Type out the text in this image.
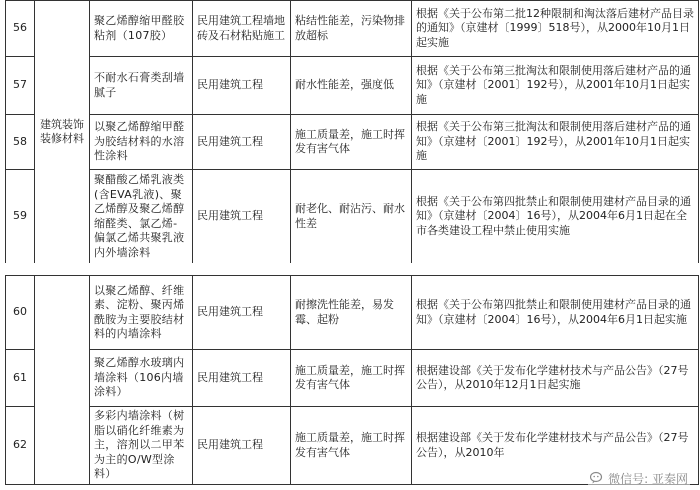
56	建筑装饰装修材料	聚乙烯醇缩甲醛胶粘剂（107胶）	民用建筑工程墙地砖及石材粘贴施工	粘结性能差，污染物排放超标	根据《关于公布第二批12种限制和淘汰落后建材产品目录的通知》（京建材〔1999〕518号），从2000年10月1日起实施
57		不耐水石膏类刮墙腻子	民用建筑工程	耐水性能差，强度低	根据《关于公布第三批淘汰和限制使用落后建材产品的通知》（京建材〔2001〕192号），从2001年10月1日起实施
58		以聚乙烯醇缩甲醛为胶结材料的水溶性涂料	民用建筑工程	施工质量差，施工时挥发有害气体	根据《关于公布第三批淘汰和限制使用落后建材产品的通知》（京建材〔2001〕192号），从2001年10月1日起实施
59		聚醋酸乙烯乳液类(含EVA乳液)、聚乙烯醇及聚乙烯醇缩醛类、氯乙烯-偏氯乙烯共聚乳液内外墙涂料	民用建筑工程	耐老化、耐沾污、耐水性差	根据《关于公布第四批禁止和限制使用建材产品目录的通知》（京建材〔2004〕16号），从2004年6月1日起在全市各类建设工程中禁止使用实施
60		以聚乙烯醇、纤维素、淀粉、聚丙烯酰胺为主要胶结材料的内墙涂料	民用建筑工程	耐擦洗性能差，易发霉、起粉	根据《关于公布第四批禁止和限制使用建材产品目录的通知》（京建材〔2004〕16号），从2004年6月1日起实施
61		聚乙烯醇水玻璃内墙涂料（106内墙涂料）	民用建筑工程	施工质量差，施工时挥发有害气体	根据建设部《关于发布化学建材技术与产品公告》（27号公告），从2010年12月1日起实施
62		多彩内墙涂料（树脂以硝化纤维素为主，溶剂以二甲苯为主的O/W型涂料）	民用建筑工程	施工质量差，施工时挥发有害气体	根据建设部《关于发布化学建材技术与产品公告》（27号公告），从2010年
微信号: 亚秦网
